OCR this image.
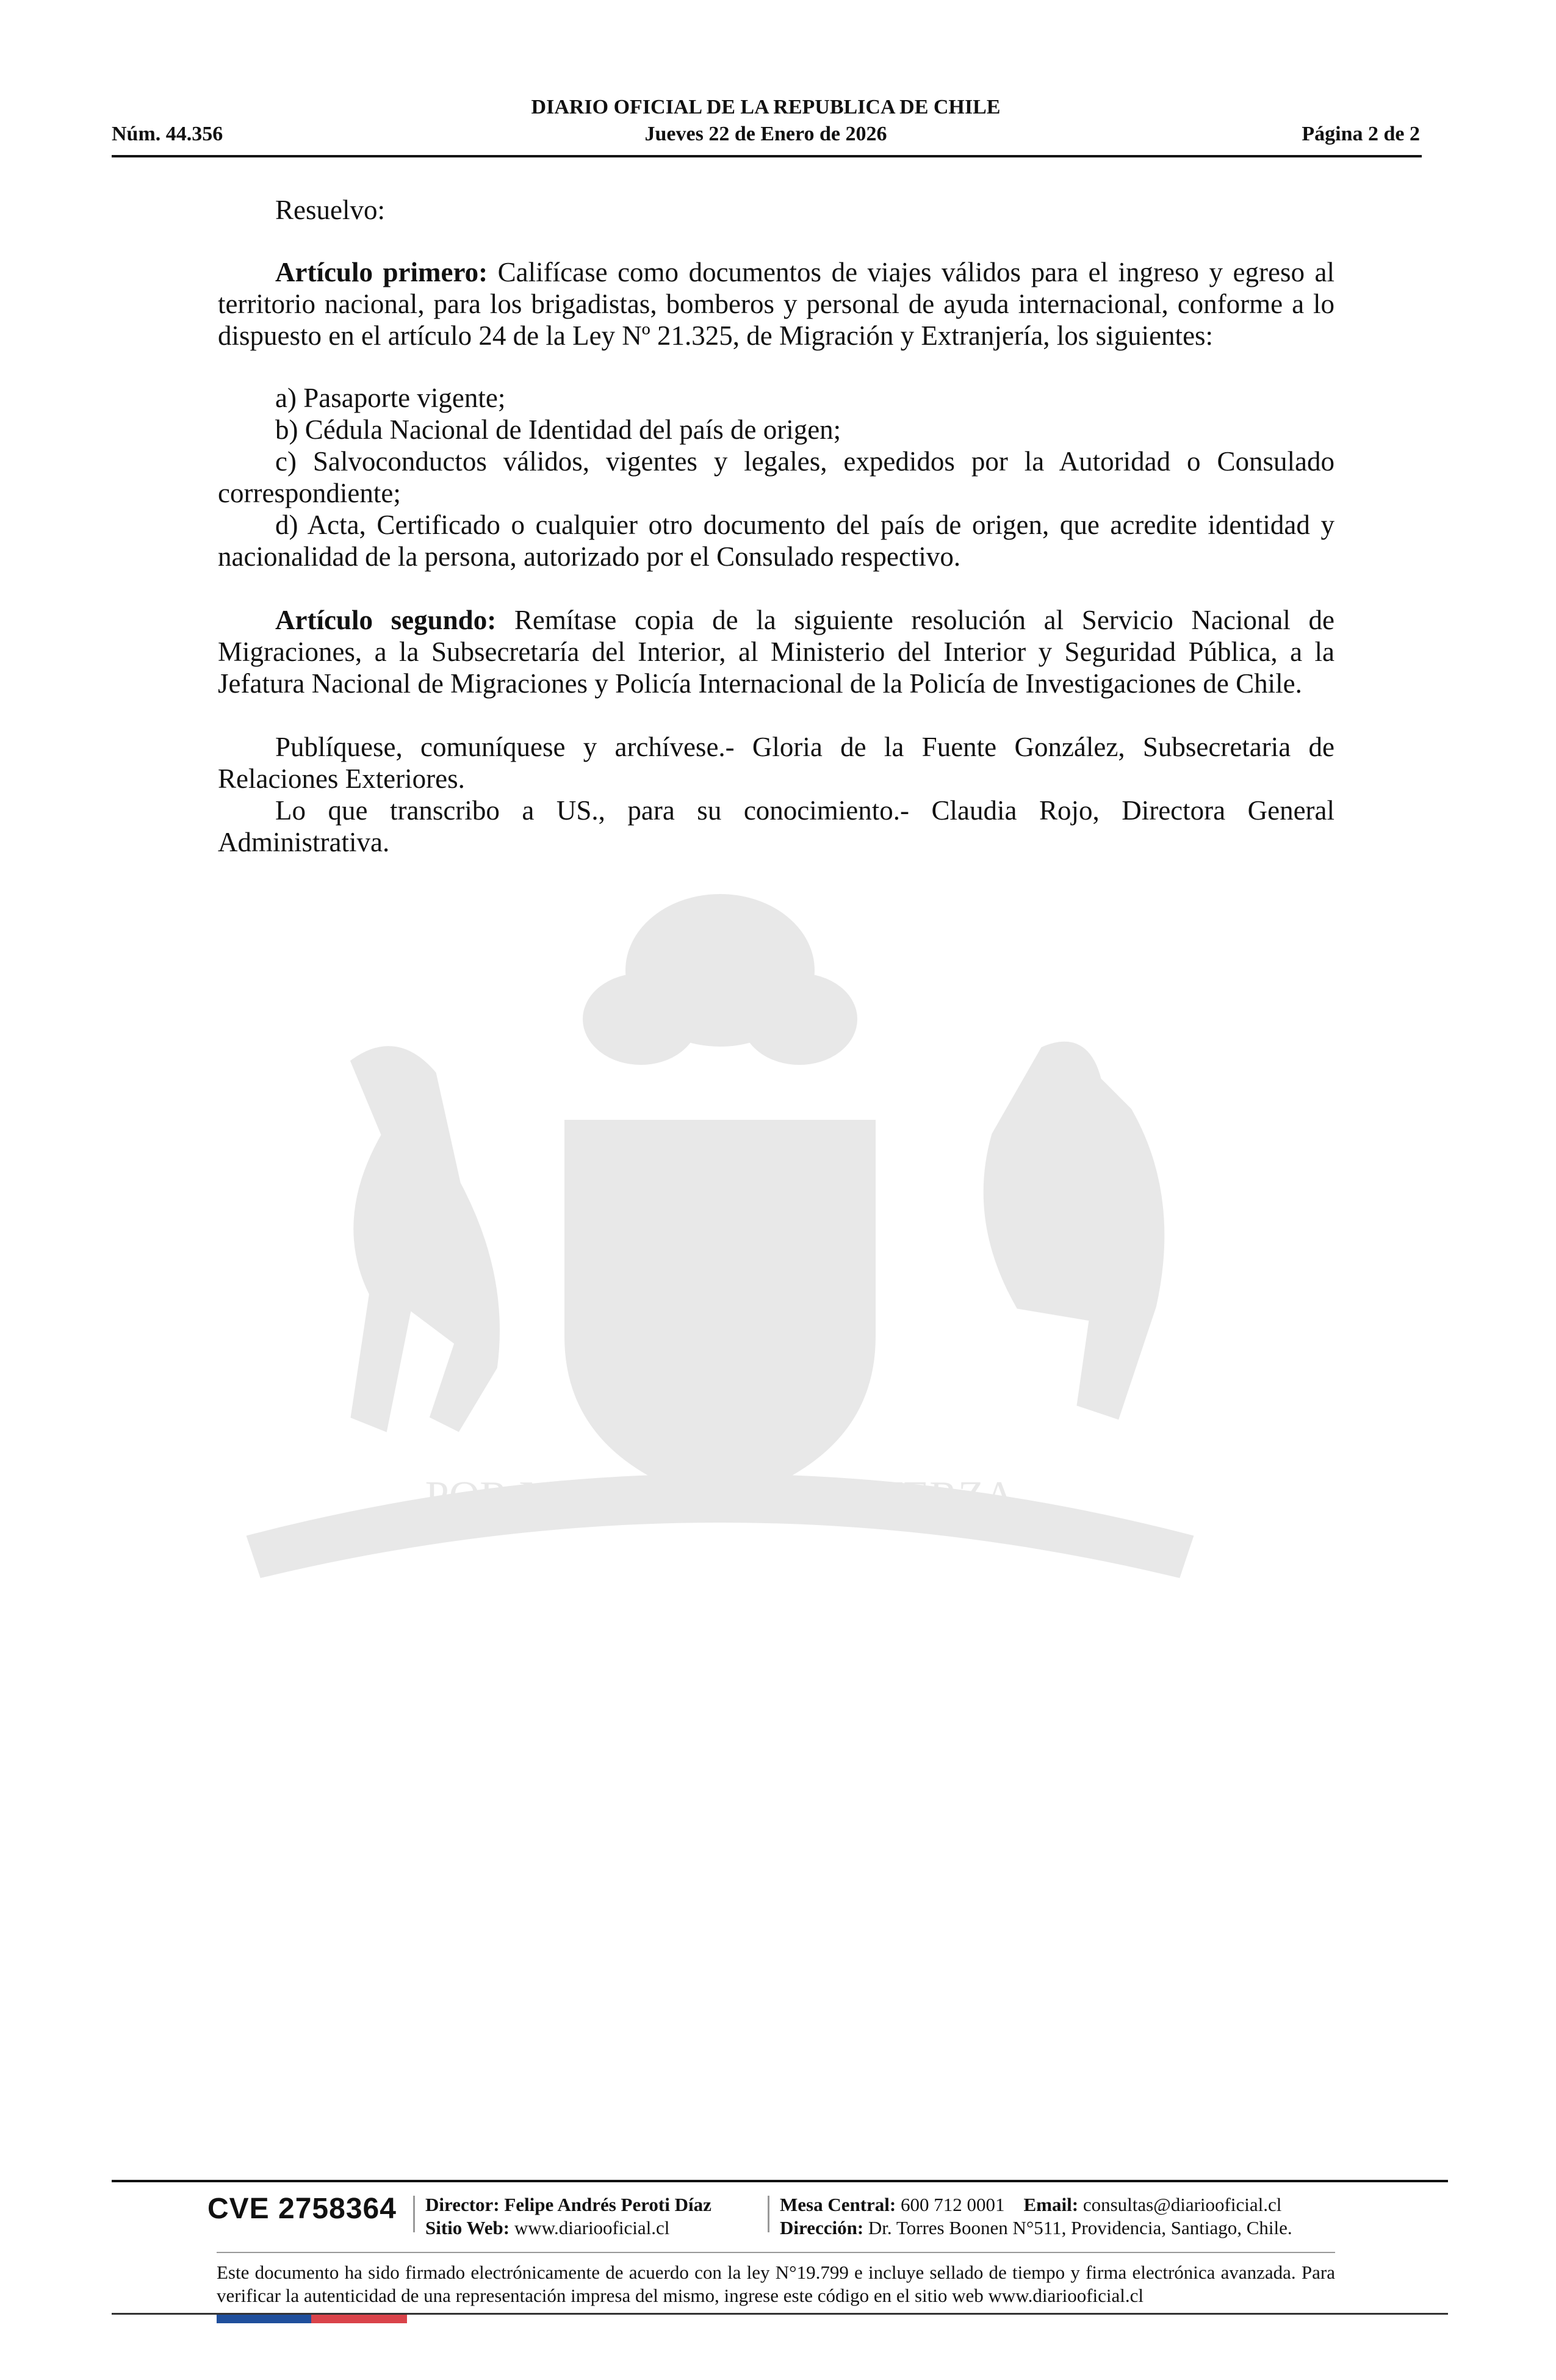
DIARIO OFICIAL DE LA REPUBLICA DE CHILE
Núm. 44.356	Jueves 22 de Enero de 2026	Página 2 de 2
POR LA RAZON O LA FUERZA

Resuelvo:

Artículo primero: Califícase como documentos de viajes válidos para el ingreso y egreso al territorio nacional, para los brigadistas, bomberos y personal de ayuda internacional, conforme a lo dispuesto en el artículo 24 de la Ley Nº 21.325, de Migración y Extranjería, los siguientes:

a) Pasaporte vigente;

b) Cédula Nacional de Identidad del país de origen;

c) Salvoconductos válidos, vigentes y legales, expedidos por la Autoridad o Consulado correspondiente;

d) Acta, Certificado o cualquier otro documento del país de origen, que acredite identidad y nacionalidad de la persona, autorizado por el Consulado respectivo.

Artículo segundo: Remítase copia de la siguiente resolución al Servicio Nacional de Migraciones, a la Subsecretaría del Interior, al Ministerio del Interior y Seguridad Pública, a la Jefatura Nacional de Migraciones y Policía Internacional de la Policía de Investigaciones de Chile.

Publíquese, comuníquese y archívese.- Gloria de la Fuente González, Subsecretaria de Relaciones Exteriores.

Lo que transcribo a US., para su conocimiento.- Claudia Rojo, Directora General Administrativa.

CVE 2758364 Director: Felipe Andrés Peroti Díaz
Sitio Web: www.diariooficial.cl
Mesa Central: 600 712 0001 Email: consultas@diariooficial.cl
Dirección: Dr. Torres Boonen N°511, Providencia, Santiago, Chile.
Este documento ha sido firmado electrónicamente de acuerdo con la ley N°19.799 e incluye sellado de tiempo y firma electrónica avanzada. Para verificar la autenticidad de una representación impresa del mismo, ingrese este código en el sitio web www.diariooficial.cl
